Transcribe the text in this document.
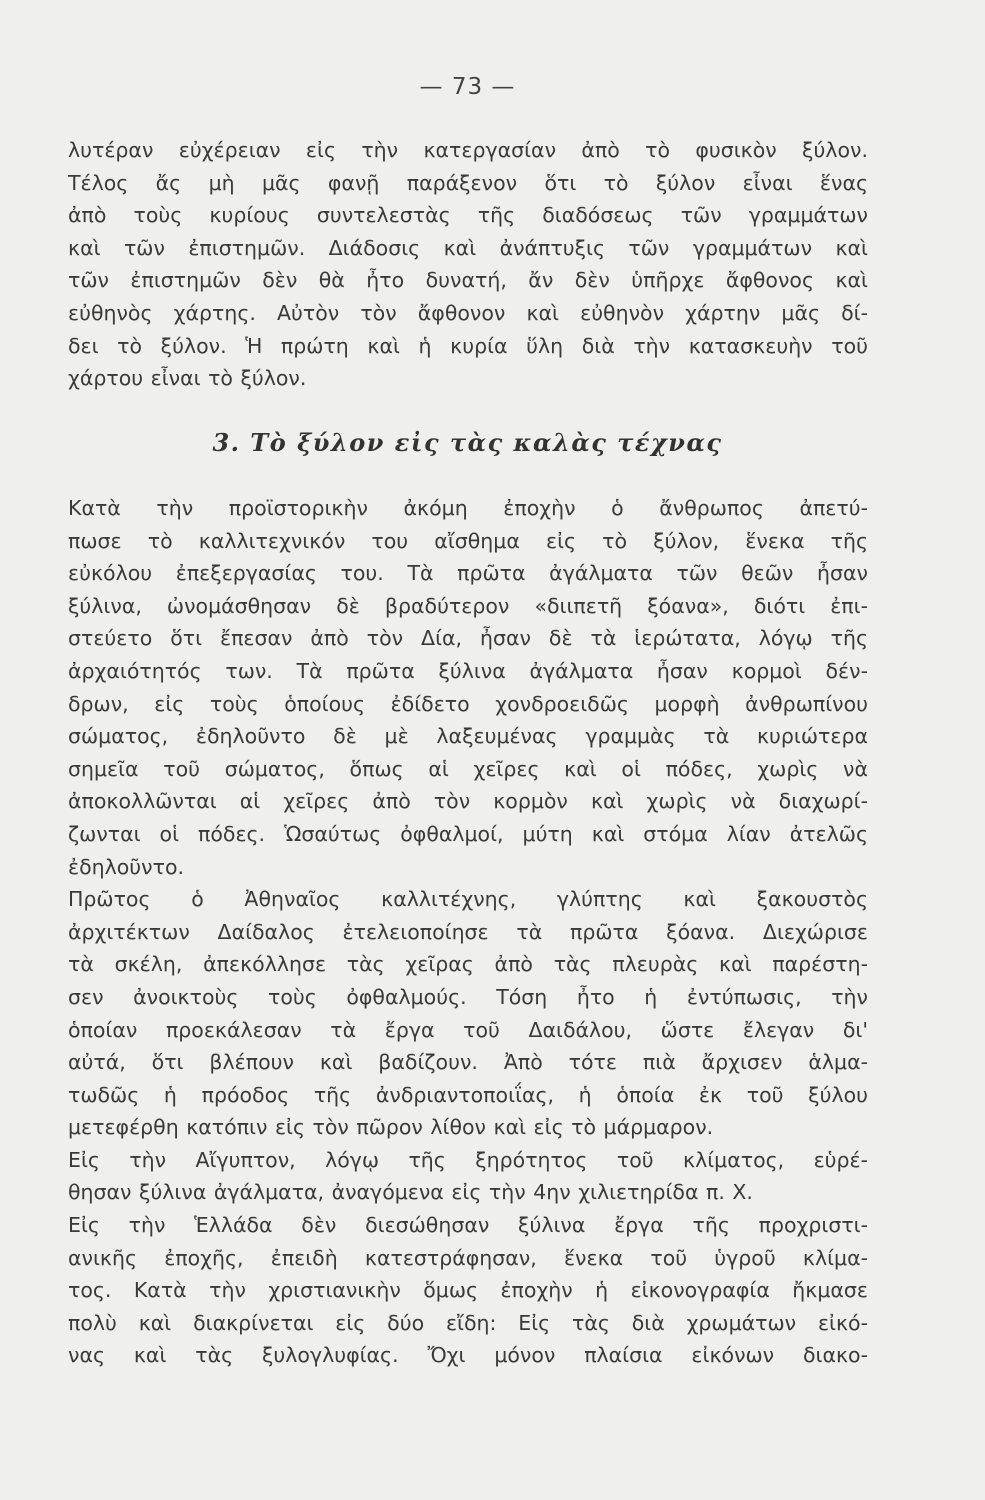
— 73 —
λυτέραν εὐχέρειαν εἰς τὴν κατεργασίαν ἀπὸ τὸ φυσικὸν ξύλον.
Τέλος ἄς μὴ μᾶς φανῇ παράξενον ὅτι τὸ ξύλον εἶναι ἕνας
ἀπὸ τοὺς κυρίους συντελεστὰς τῆς διαδόσεως τῶν γραμμάτων
καὶ τῶν ἐπιστημῶν. Διάδοσις καὶ ἀνάπτυξις τῶν γραμμάτων καὶ
τῶν ἐπιστημῶν δὲν θὰ ἦτο δυνατή, ἄν δὲν ὑπῆρχε ἄφθονος καὶ
εὐθηνὸς χάρτης. Αὐτὸν τὸν ἄφθονον καὶ εὐθηνὸν χάρτην μᾶς δί-
δει τὸ ξύλον. Ἡ πρώτη καὶ ἡ κυρία ὕλη διὰ τὴν κατασκευὴν τοῦ
χάρτου εἶναι τὸ ξύλον.
3. Τὸ ξύλον εἰς τὰς καλὰς τέχνας
Κατὰ τὴν προϊστορικὴν ἀκόμη ἐποχὴν ὁ ἄνθρωπος ἀπετύ-
πωσε τὸ καλλιτεχνικόν του αἴσθημα εἰς τὸ ξύλον, ἕνεκα τῆς
εὐκόλου ἐπεξεργασίας του. Τὰ πρῶτα ἀγάλματα τῶν θεῶν ἦσαν
ξύλινα, ὠνομάσθησαν δὲ βραδύτερον «διιπετῆ ξόανα», διότι ἐπι-
στεύετο ὅτι ἔπεσαν ἀπὸ τὸν Δία, ἦσαν δὲ τὰ ἱερώτατα, λόγῳ τῆς
ἀρχαιότητός των. Τὰ πρῶτα ξύλινα ἀγάλματα ἦσαν κορμοὶ δέν-
δρων, εἰς τοὺς ὁποίους ἐδίδετο χονδροειδῶς μορφὴ ἀνθρωπίνου
σώματος, ἐδηλοῦντο δὲ μὲ λαξευμένας γραμμὰς τὰ κυριώτερα
σημεῖα τοῦ σώματος, ὅπως αἱ χεῖρες καὶ οἱ πόδες, χωρὶς νὰ
ἀποκολλῶνται αἱ χεῖρες ἀπὸ τὸν κορμὸν καὶ χωρὶς νὰ διαχωρί-
ζωνται οἱ πόδες. Ὡσαύτως ὀφθαλμοί, μύτη καὶ στόμα λίαν ἀτελῶς
ἐδηλοῦντο.
Πρῶτος ὁ Ἀθηναῖος καλλιτέχνης, γλύπτης καὶ ξακουστὸς
ἀρχιτέκτων Δαίδαλος ἐτελειοποίησε τὰ πρῶτα ξόανα. Διεχώρισε
τὰ σκέλη, ἀπεκόλλησε τὰς χεῖρας ἀπὸ τὰς πλευρὰς καὶ παρέστη-
σεν ἀνοικτοὺς τοὺς ὀφθαλμούς. Τόση ἦτο ἡ ἐντύπωσις, τὴν
ὁποίαν προεκάλεσαν τὰ ἔργα τοῦ Δαιδάλου, ὥστε ἔλεγαν δι'
αὐτά, ὅτι βλέπουν καὶ βαδίζουν. Ἀπὸ τότε πιὰ ἄρχισεν ἁλμα-
τωδῶς ἡ πρόοδος τῆς ἀνδριαντοποιΐας, ἡ ὁποία ἐκ τοῦ ξύλου
μετεφέρθη κατόπιν εἰς τὸν πῶρον λίθον καὶ εἰς τὸ μάρμαρον.
Εἰς τὴν Αἴγυπτον, λόγῳ τῆς ξηρότητος τοῦ κλίματος, εὑρέ-
θησαν ξύλινα ἀγάλματα, ἀναγόμενα εἰς τὴν 4ην χιλιετηρίδα π. Χ.
Εἰς τὴν Ἑλλάδα δὲν διεσώθησαν ξύλινα ἔργα τῆς προχριστι-
ανικῆς ἐποχῆς, ἐπειδὴ κατεστράφησαν, ἕνεκα τοῦ ὑγροῦ κλίμα-
τος. Κατὰ τὴν χριστιανικὴν ὅμως ἐποχὴν ἡ εἰκονογραφία ἤκμασε
πολὺ καὶ διακρίνεται εἰς δύο εἴδη: Εἰς τὰς διὰ χρωμάτων εἰκό-
νας καὶ τὰς ξυλογλυφίας. Ὄχι μόνον πλαίσια εἰκόνων διακο-
